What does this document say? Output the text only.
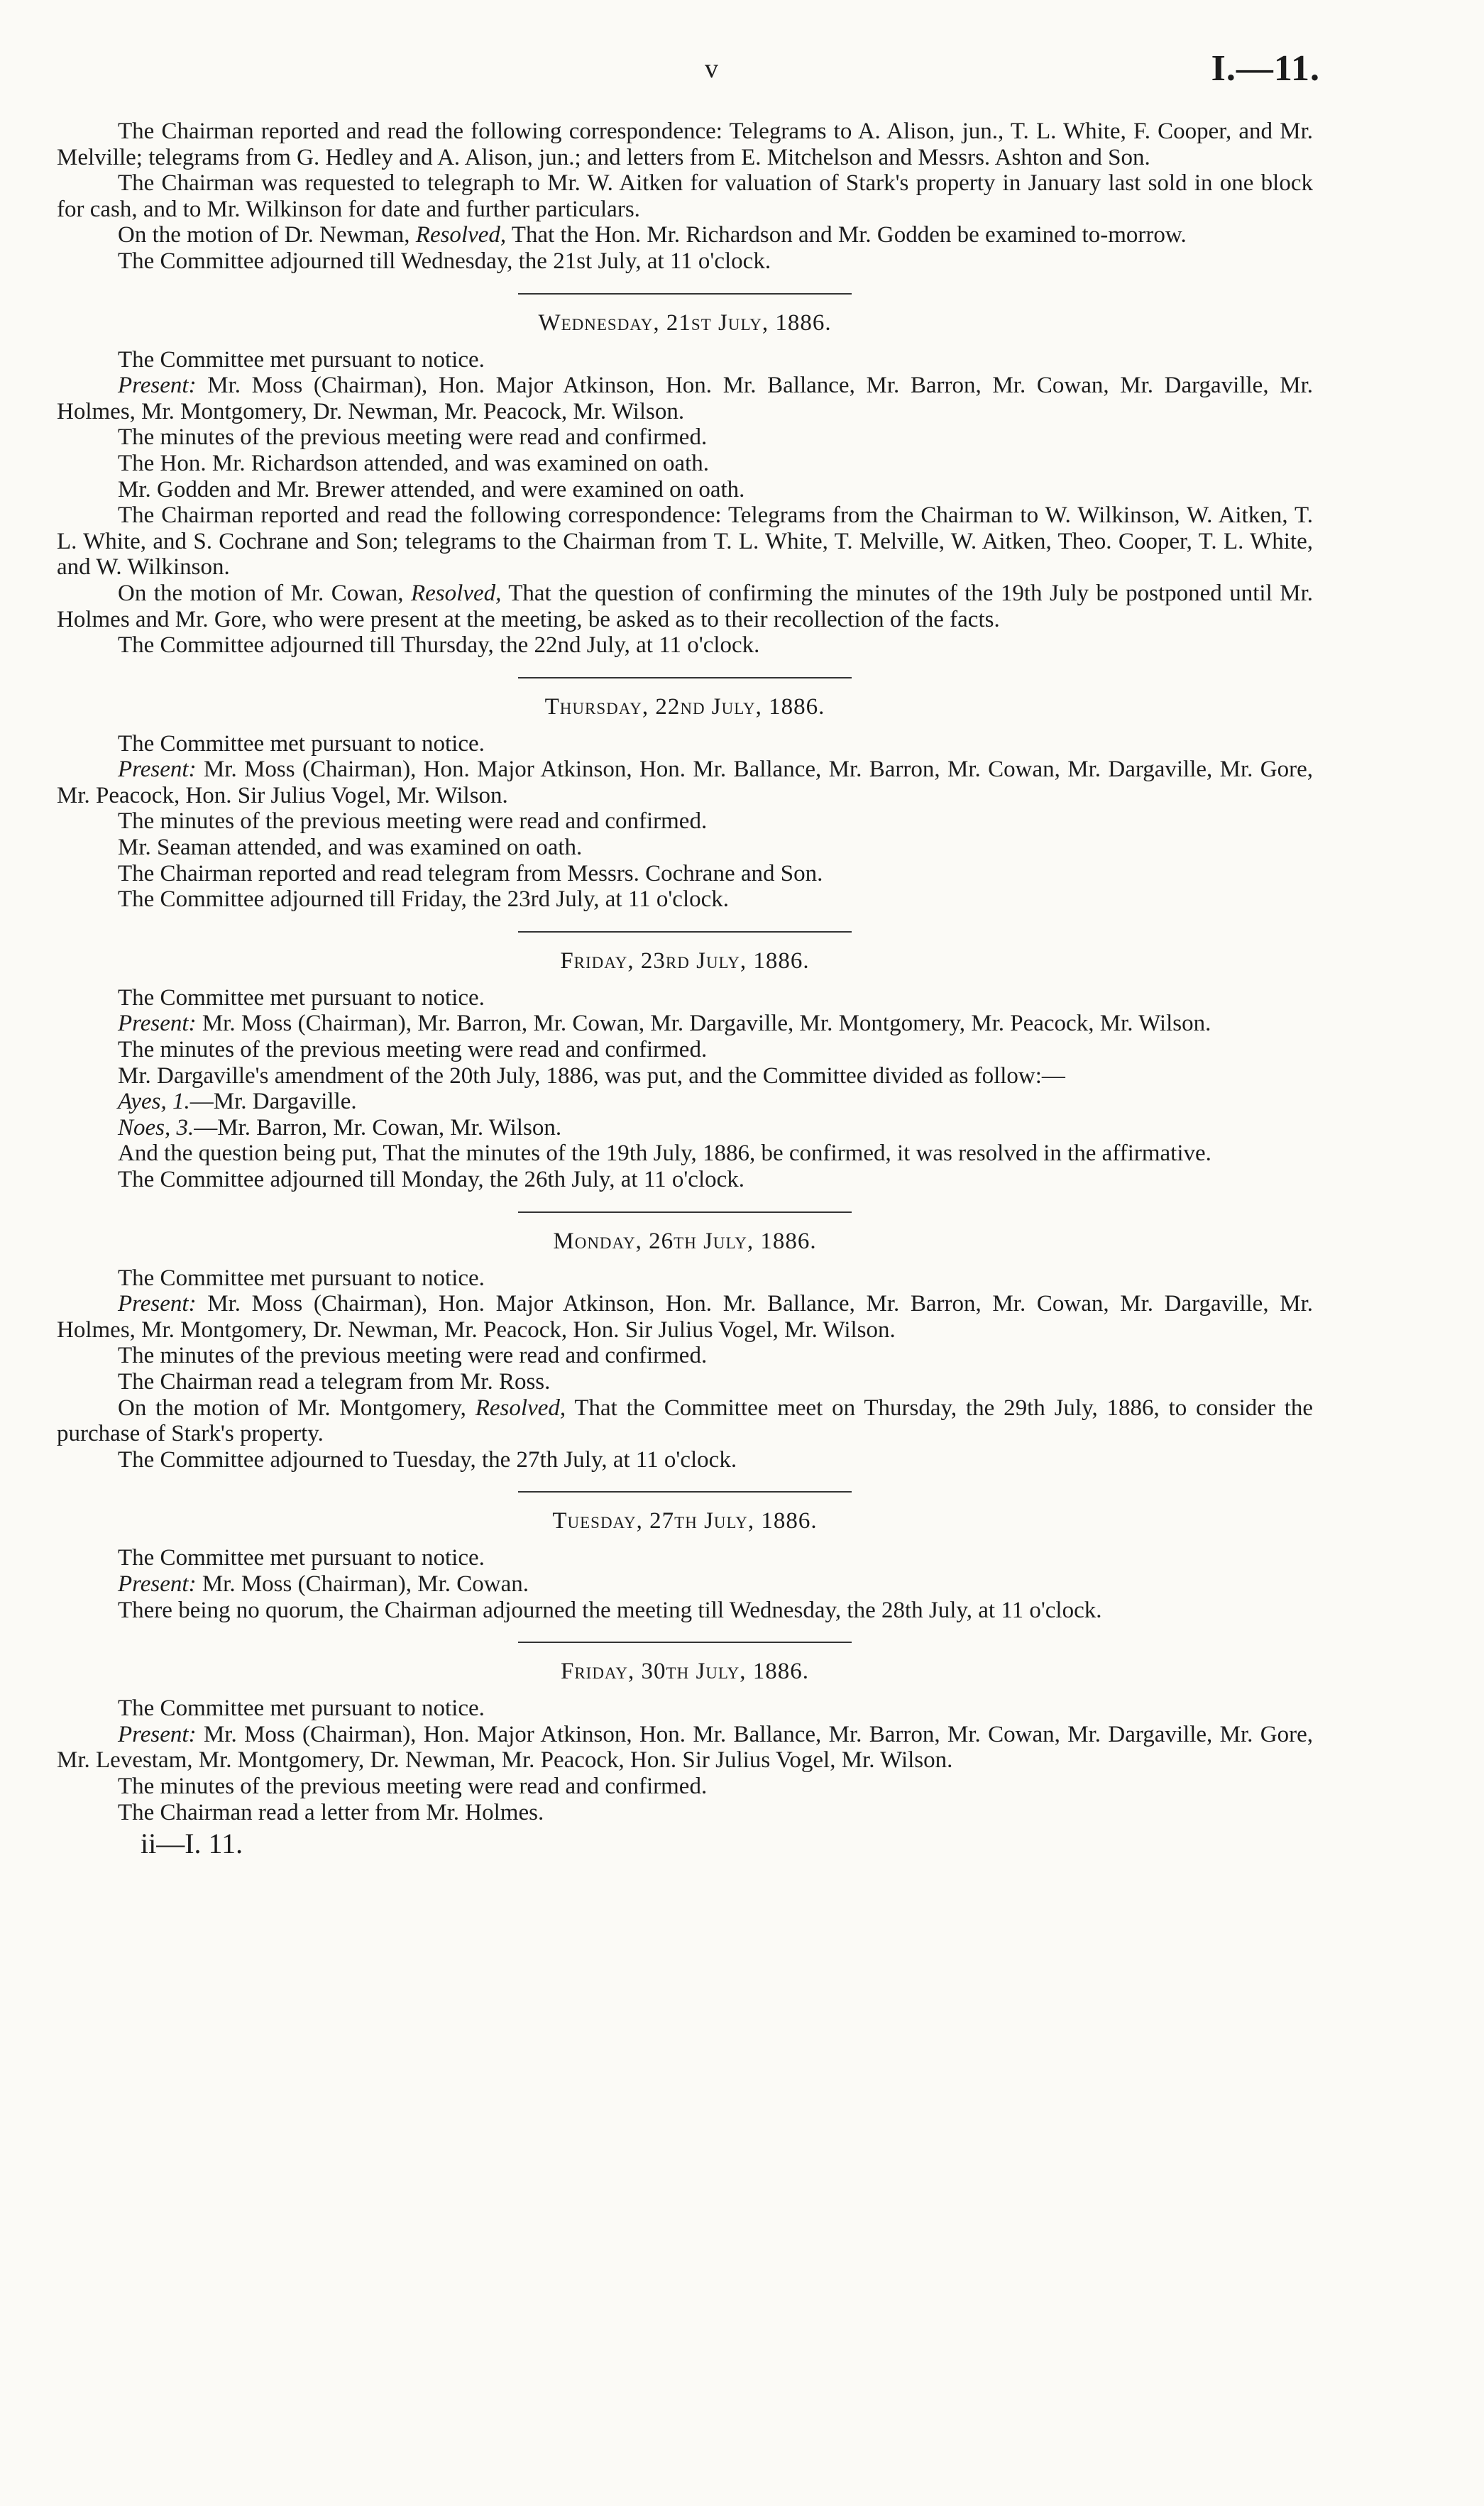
v	I.—11.

The Chairman reported and read the following correspondence: Telegrams to A. Alison, jun., T. L. White, F. Cooper, and Mr. Melville; telegrams from G. Hedley and A. Alison, jun.; and letters from E. Mitchelson and Messrs. Ashton and Son.

The Chairman was requested to telegraph to Mr. W. Aitken for valuation of Stark's property in January last sold in one block for cash, and to Mr. Wilkinson for date and further particulars.

On the motion of Dr. Newman, Resolved, That the Hon. Mr. Richardson and Mr. Godden be examined to-morrow.

The Committee adjourned till Wednesday, the 21st July, at 11 o'clock.

Wednesday, 21st July, 1886.

The Committee met pursuant to notice.

Present: Mr. Moss (Chairman), Hon. Major Atkinson, Hon. Mr. Ballance, Mr. Barron, Mr. Cowan, Mr. Dargaville, Mr. Holmes, Mr. Montgomery, Dr. Newman, Mr. Peacock, Mr. Wilson.

The minutes of the previous meeting were read and confirmed.

The Hon. Mr. Richardson attended, and was examined on oath.

Mr. Godden and Mr. Brewer attended, and were examined on oath.

The Chairman reported and read the following correspondence: Telegrams from the Chairman to W. Wilkinson, W. Aitken, T. L. White, and S. Cochrane and Son; telegrams to the Chairman from T. L. White, T. Melville, W. Aitken, Theo. Cooper, T. L. White, and W. Wilkinson.

On the motion of Mr. Cowan, Resolved, That the question of confirming the minutes of the 19th July be postponed until Mr. Holmes and Mr. Gore, who were present at the meeting, be asked as to their recollection of the facts.

The Committee adjourned till Thursday, the 22nd July, at 11 o'clock.

Thursday, 22nd July, 1886.

The Committee met pursuant to notice.

Present: Mr. Moss (Chairman), Hon. Major Atkinson, Hon. Mr. Ballance, Mr. Barron, Mr. Cowan, Mr. Dargaville, Mr. Gore, Mr. Peacock, Hon. Sir Julius Vogel, Mr. Wilson.

The minutes of the previous meeting were read and confirmed.

Mr. Seaman attended, and was examined on oath.

The Chairman reported and read telegram from Messrs. Cochrane and Son.

The Committee adjourned till Friday, the 23rd July, at 11 o'clock.

Friday, 23rd July, 1886.

The Committee met pursuant to notice.

Present: Mr. Moss (Chairman), Mr. Barron, Mr. Cowan, Mr. Dargaville, Mr. Montgomery, Mr. Peacock, Mr. Wilson.

The minutes of the previous meeting were read and confirmed.

Mr. Dargaville's amendment of the 20th July, 1886, was put, and the Committee divided as follow:—

Ayes, 1.—Mr. Dargaville.

Noes, 3.—Mr. Barron, Mr. Cowan, Mr. Wilson.

And the question being put, That the minutes of the 19th July, 1886, be confirmed, it was resolved in the affirmative.

The Committee adjourned till Monday, the 26th July, at 11 o'clock.

Monday, 26th July, 1886.

The Committee met pursuant to notice.

Present: Mr. Moss (Chairman), Hon. Major Atkinson, Hon. Mr. Ballance, Mr. Barron, Mr. Cowan, Mr. Dargaville, Mr. Holmes, Mr. Montgomery, Dr. Newman, Mr. Peacock, Hon. Sir Julius Vogel, Mr. Wilson.

The minutes of the previous meeting were read and confirmed.

The Chairman read a telegram from Mr. Ross.

On the motion of Mr. Montgomery, Resolved, That the Committee meet on Thursday, the 29th July, 1886, to consider the purchase of Stark's property.

The Committee adjourned to Tuesday, the 27th July, at 11 o'clock.

Tuesday, 27th July, 1886.

The Committee met pursuant to notice.

Present: Mr. Moss (Chairman), Mr. Cowan.

There being no quorum, the Chairman adjourned the meeting till Wednesday, the 28th July, at 11 o'clock.

Friday, 30th July, 1886.

The Committee met pursuant to notice.

Present: Mr. Moss (Chairman), Hon. Major Atkinson, Hon. Mr. Ballance, Mr. Barron, Mr. Cowan, Mr. Dargaville, Mr. Gore, Mr. Levestam, Mr. Montgomery, Dr. Newman, Mr. Peacock, Hon. Sir Julius Vogel, Mr. Wilson.

The minutes of the previous meeting were read and confirmed.

The Chairman read a letter from Mr. Holmes.

ii—I. 11.
